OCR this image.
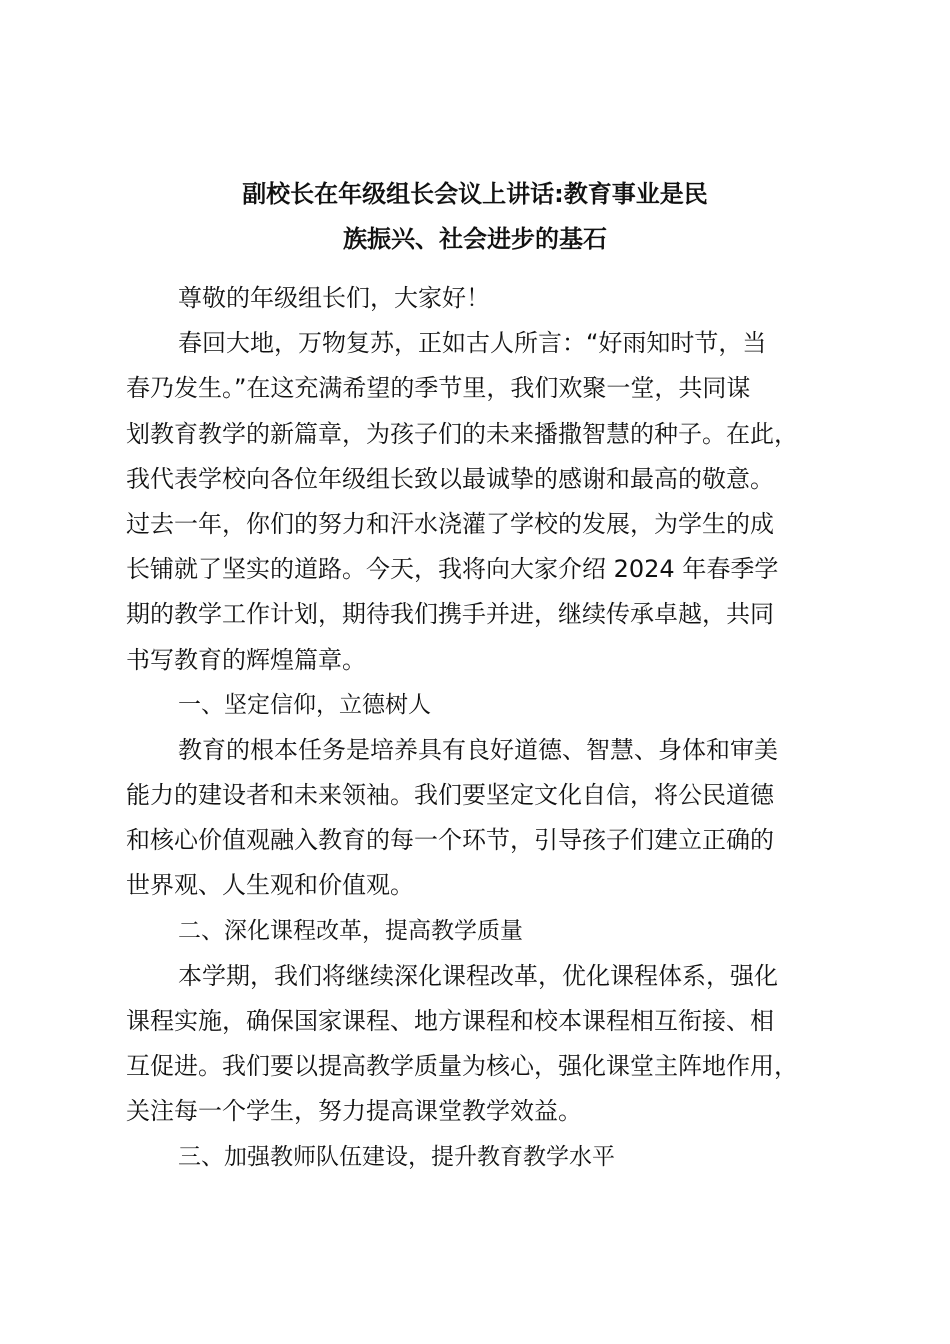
副校长在年级组长会议上讲话:教育事业是民
族振兴、社会进步的基石
尊敬的年级组长们，大家好！
春回大地，万物复苏，正如古人所言：“好雨知时节，当
春乃发生。”在这充满希望的季节里，我们欢聚一堂，共同谋
划教育教学的新篇章，为孩子们的未来播撒智慧的种子。在此，
我代表学校向各位年级组长致以最诚挚的感谢和最高的敬意。
过去一年，你们的努力和汗水浇灌了学校的发展，为学生的成
长铺就了坚实的道路。今天，我将向大家介绍 2024 年春季学
期的教学工作计划，期待我们携手并进，继续传承卓越，共同
书写教育的辉煌篇章。
一、坚定信仰，立德树人
教育的根本任务是培养具有良好道德、智慧、身体和审美
能力的建设者和未来领袖。我们要坚定文化自信，将公民道德
和核心价值观融入教育的每一个环节，引导孩子们建立正确的
世界观、人生观和价值观。
二、深化课程改革，提高教学质量
本学期，我们将继续深化课程改革，优化课程体系，强化
课程实施，确保国家课程、地方课程和校本课程相互衔接、相
互促进。我们要以提高教学质量为核心，强化课堂主阵地作用，
关注每一个学生，努力提高课堂教学效益。
三、加强教师队伍建设，提升教育教学水平
